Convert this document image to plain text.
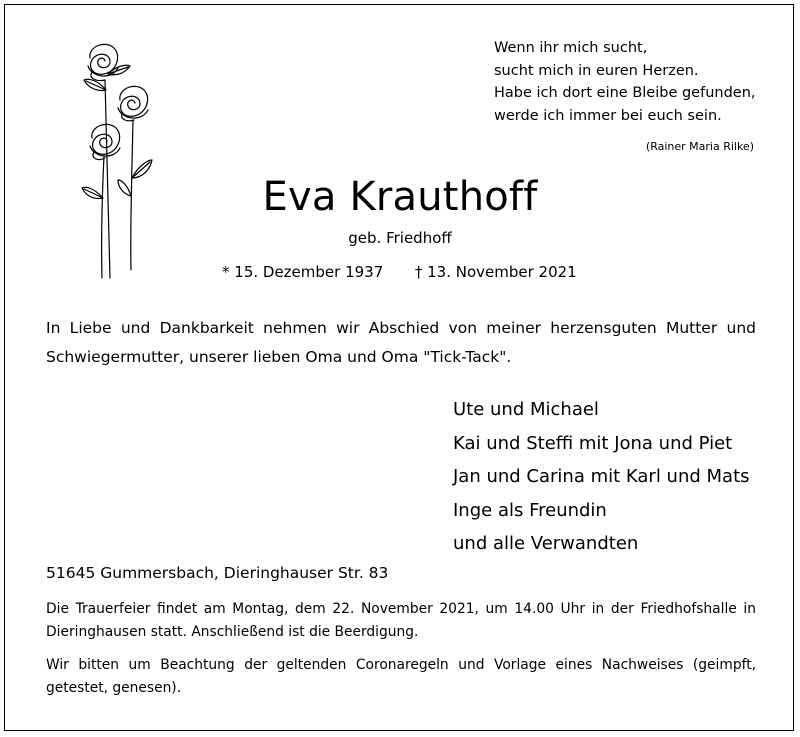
Wenn ihr mich sucht,
sucht mich in euren Herzen.
Habe ich dort eine Bleibe gefunden,
werde ich immer bei euch sein.
(Rainer Maria Rilke)
Eva Krauthoff
geb. Friedhoff
* 15. Dezember 1937 † 13. November 2021
In Liebe und Dankbarkeit nehmen wir Abschied von meiner herzensguten Mutter und Schwiegermutter, unserer lieben Oma und Oma "Tick-Tack".
Ute und Michael
Kai und Steffi mit Jona und Piet
Jan und Carina mit Karl und Mats
Inge als Freundin
und alle Verwandten
51645 Gummersbach, Dieringhauser Str. 83
Die Trauerfeier findet am Montag, dem 22. November 2021, um 14.00 Uhr in der Friedhofshalle in Dieringhausen statt. Anschließend ist die Beerdigung.
Wir bitten um Beachtung der geltenden Coronaregeln und Vorlage eines Nachweises (geimpft, getestet, genesen).
